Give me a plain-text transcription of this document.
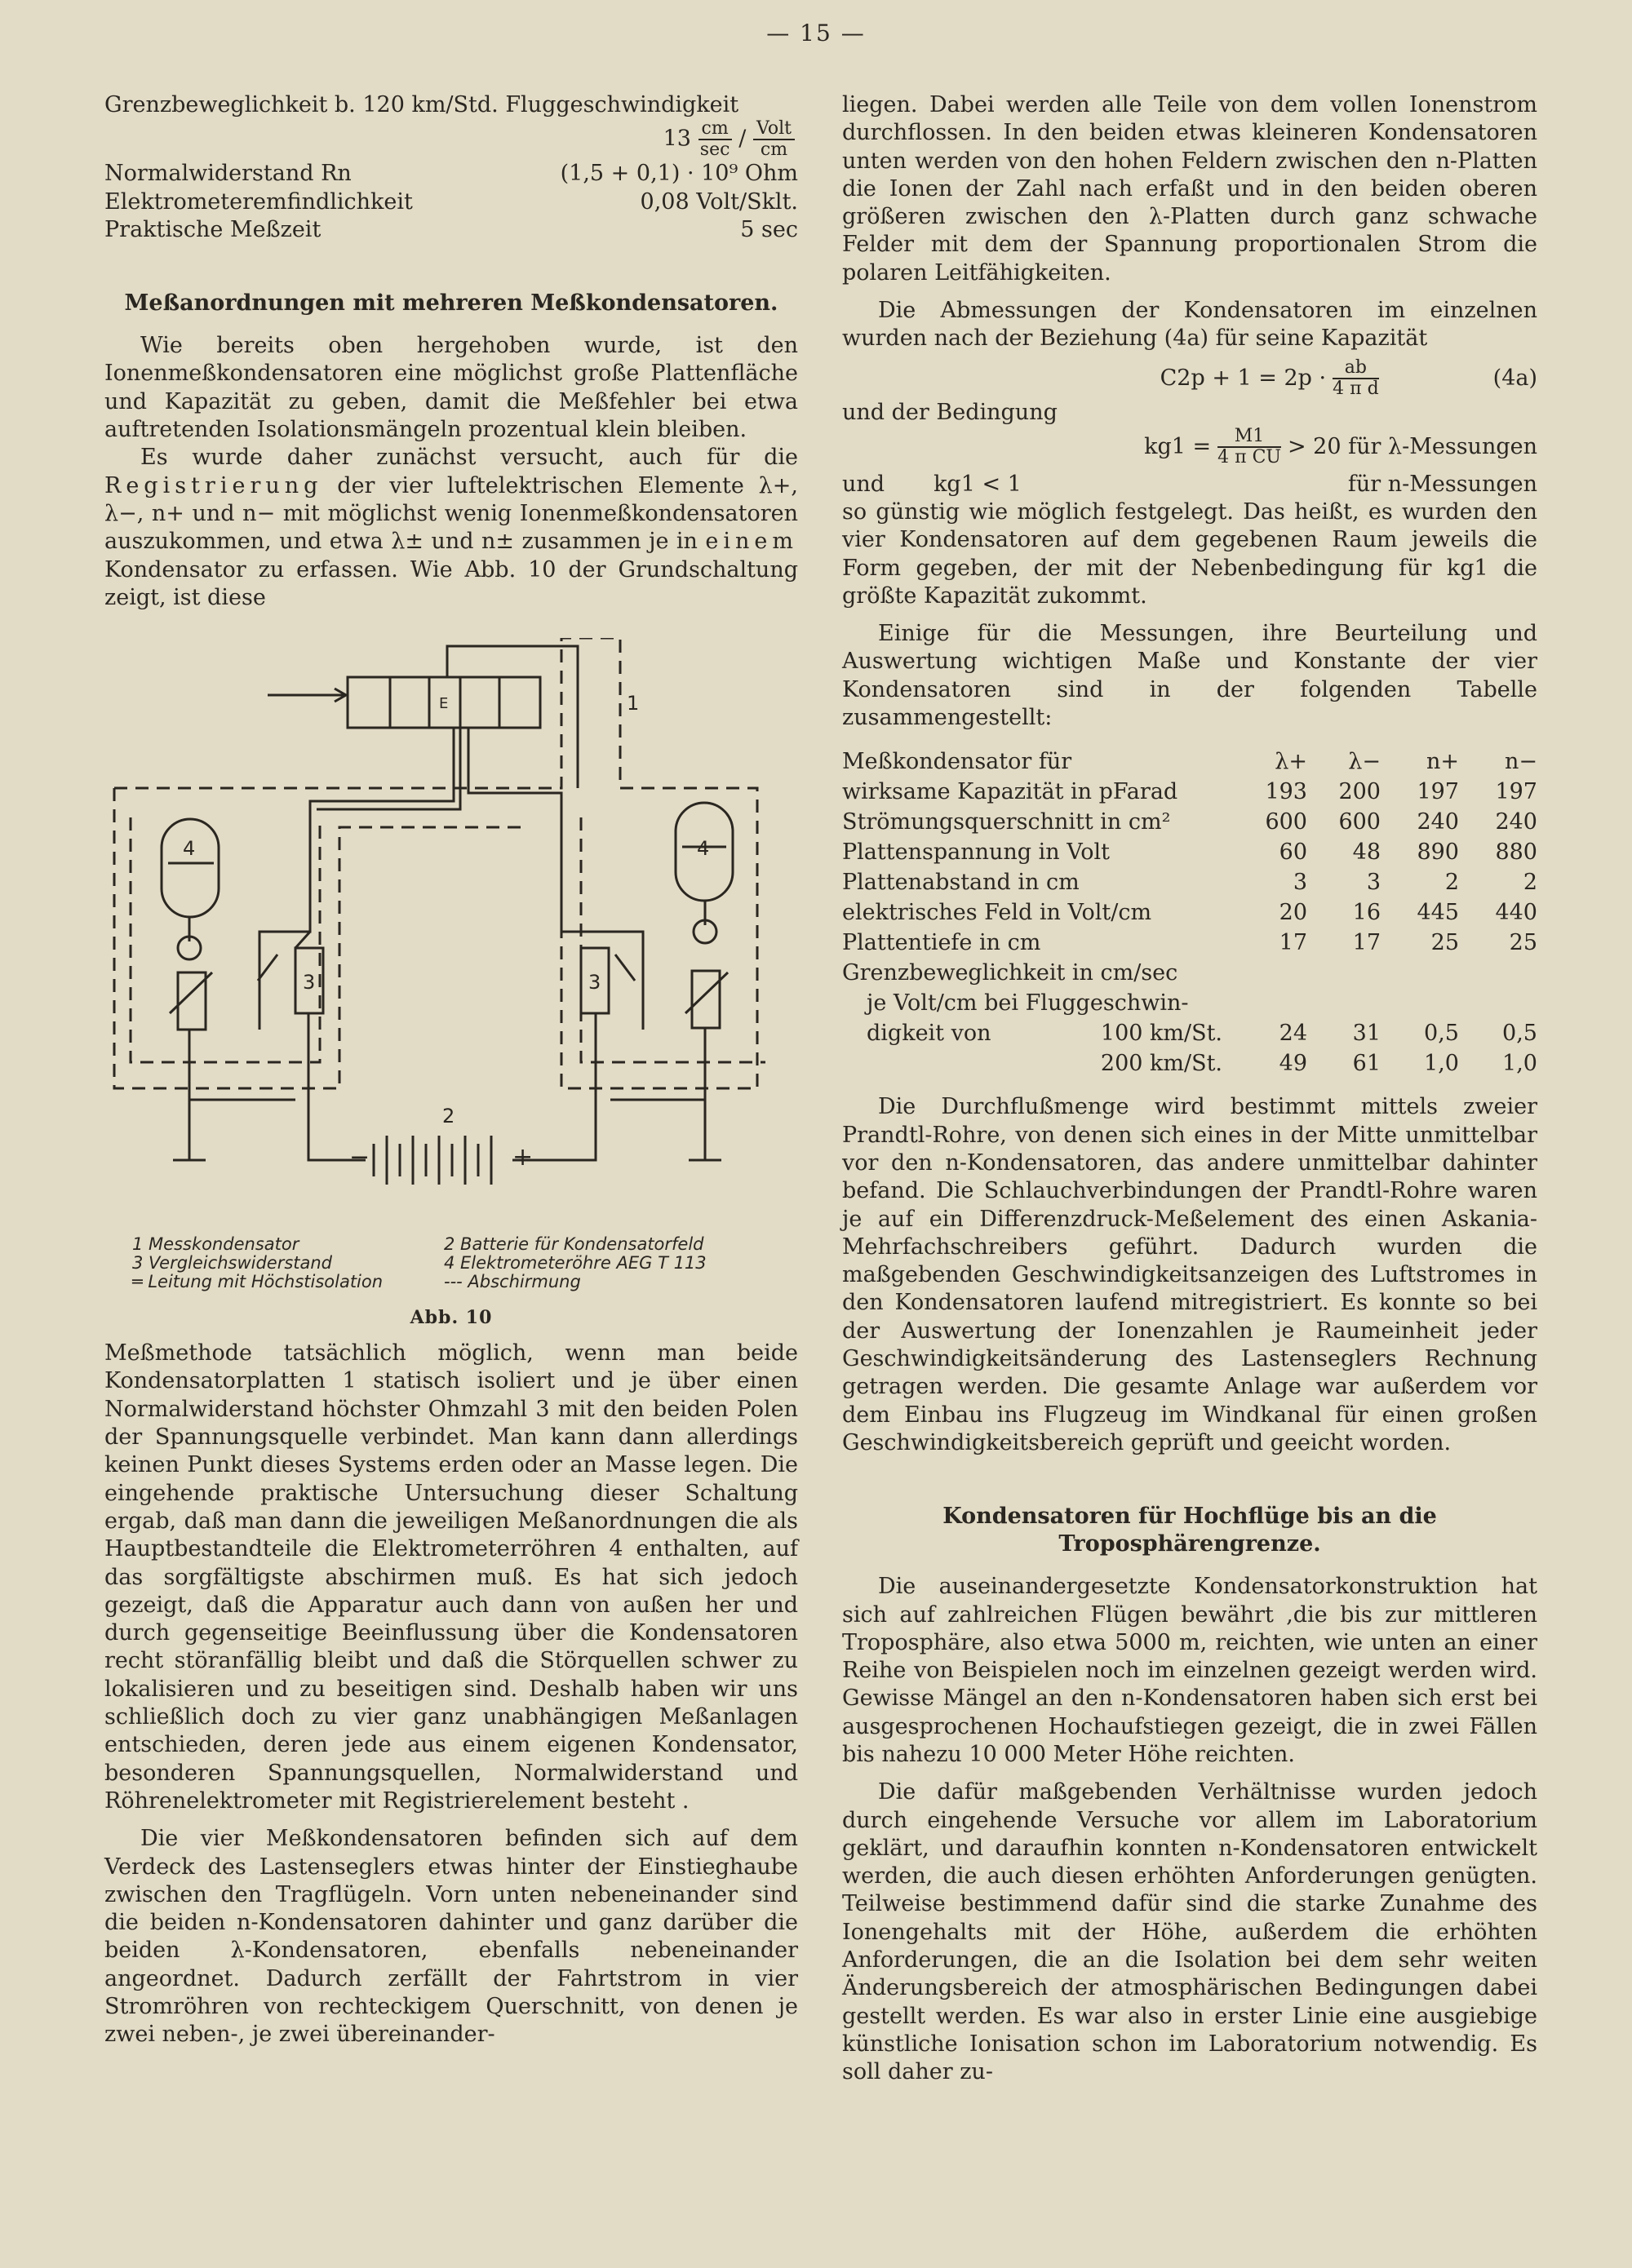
— 15 —
Grenzbeweglichkeit b. 120 km/Std. Fluggeschwindigkeit
$13 \frac{cm}{\sec} / \frac{\text{Volt}}{cm}$
Normalwiderstand Rn	(1,5 + 0,1) · 10⁹ Ohm
Elektrometeremfindlichkeit	0,08 Volt/Sklt.
Praktische Meßzeit	5 sec
Meßanordnungen mit mehreren Meßkondensatoren.

Wie bereits oben hergehoben wurde, ist den Ionenmeßkondensatoren eine möglichst große Plattenfläche und Kapazität zu geben, damit die Meßfehler bei etwa auftretenden Isolationsmängeln prozentual klein bleiben.

Es wurde daher zunächst versucht, auch für die Registrierung der vier luftelektrischen Elemente λ+, λ−, n+ und n− mit möglichst wenig Ionenmeßkondensatoren auszukommen, und etwa λ± und n± zusammen je in einem Kondensator zu erfassen. Wie Abb. 10 der Grundschaltung zeigt, ist diese

1
2
3	3
4	4
E
−	+
1 Messkondensator
3 Vergleichswiderstand
═ Leitung mit Höchstisolation
2 Batterie für Kondensatorfeld
4 Elektrometeröhre AEG T 113
--- Abschirmung
Abb. 10

Meßmethode tatsächlich möglich, wenn man beide Kondensatorplatten 1 statisch isoliert und je über einen Normalwiderstand höchster Ohmzahl 3 mit den beiden Polen der Spannungsquelle verbindet. Man kann dann allerdings keinen Punkt dieses Systems erden oder an Masse legen. Die eingehende praktische Untersuchung dieser Schaltung ergab, daß man dann die jeweiligen Meßanordnungen die als Hauptbestandteile die Elektrometerröhren 4 enthalten, auf das sorgfältigste abschirmen muß. Es hat sich jedoch gezeigt, daß die Apparatur auch dann von außen her und durch gegenseitige Beeinflussung über die Kondensatoren recht störanfällig bleibt und daß die Störquellen schwer zu lokalisieren und zu beseitigen sind. Deshalb haben wir uns schließlich doch zu vier ganz unabhängigen Meßanlagen entschieden, deren jede aus einem eigenen Kondensator, besonderen Spannungsquellen, Normalwiderstand und Röhrenelektrometer mit Registrierelement besteht .

Die vier Meßkondensatoren befinden sich auf dem Verdeck des Lastenseglers etwas hinter der Einstieghaube zwischen den Tragflügeln. Vorn unten nebeneinander sind die beiden n-Kondensatoren dahinter und ganz darüber die beiden λ-Kondensatoren, ebenfalls nebeneinander angeordnet. Dadurch zerfällt der Fahrtstrom in vier Stromröhren von rechteckigem Querschnitt, von denen je zwei neben-, je zwei übereinander-

liegen. Dabei werden alle Teile von dem vollen Ionenstrom durchflossen. In den beiden etwas kleineren Kondensatoren unten werden von den hohen Feldern zwischen den n-Platten die Ionen der Zahl nach erfaßt und in den beiden oberen größeren zwischen den λ-Platten durch ganz schwache Felder mit dem der Spannung proportionalen Strom die polaren Leitfähigkeiten.

Die Abmessungen der Kondensatoren im einzelnen wurden nach der Beziehung (4a) für seine Kapazität

$C2p + 1 = 2p \cdot \frac{ab}{\text{4 π d}}$	(4a)

und der Bedingung

$kg1 = \frac{M1}{\text{4 π CU}} > 20$ für λ-Messungen
und kg1 < 1	für n-Messungen

so günstig wie möglich festgelegt. Das heißt, es wurden den vier Kondensatoren auf dem gegebenen Raum jeweils die Form gegeben, der mit der Nebenbedingung für kg1 die größte Kapazität zukommt.

Einige für die Messungen, ihre Beurteilung und Auswertung wichtigen Maße und Konstante der vier Kondensatoren sind in der folgenden Tabelle zusammengestellt:

Meßkondensator für	λ+	λ−	n+	n−
wirksame Kapazität in pFarad	193	200	197	197
Strömungsquerschnitt in cm²	600	600	240	240
Plattenspannung in Volt	60	48	890	880
Plattenabstand in cm	3	3	2	2
elektrisches Feld in Volt/cm	20	16	445	440
Plattentiefe in cm	17	17	25	25
Grenzbeweglichkeit in cm/sec				
je Volt/cm bei Fluggeschwin-				
digkeit von 100 km/St.	24	31	0,5	0,5
200 km/St.	49	61	1,0	1,0

Die Durchflußmenge wird bestimmt mittels zweier Prandtl-Rohre, von denen sich eines in der Mitte unmittelbar vor den n-Kondensatoren, das andere unmittelbar dahinter befand. Die Schlauchverbindungen der Prandtl-Rohre waren je auf ein Differenzdruck-Meßelement des einen Askania-Mehrfachschreibers geführt. Dadurch wurden die maßgebenden Geschwindigkeitsanzeigen des Luftstromes in den Kondensatoren laufend mitregistriert. Es konnte so bei der Auswertung der Ionenzahlen je Raumeinheit jeder Geschwindigkeitsänderung des Lastenseglers Rechnung getragen werden. Die gesamte Anlage war außerdem vor dem Einbau ins Flugzeug im Windkanal für einen großen Geschwindigkeitsbereich geprüft und geeicht worden.

Kondensatoren für Hochflüge bis an die Troposphärengrenze.

Die auseinandergesetzte Kondensatorkonstruktion hat sich auf zahlreichen Flügen bewährt ,die bis zur mittleren Troposphäre, also etwa 5000 m, reichten, wie unten an einer Reihe von Beispielen noch im einzelnen gezeigt werden wird. Gewisse Mängel an den n-Kondensatoren haben sich erst bei ausgesprochenen Hochaufstiegen gezeigt, die in zwei Fällen bis nahezu 10 000 Meter Höhe reichten.

Die dafür maßgebenden Verhältnisse wurden jedoch durch eingehende Versuche vor allem im Laboratorium geklärt, und daraufhin konnten n-Kondensatoren entwickelt werden, die auch diesen erhöhten Anforderungen genügten. Teilweise bestimmend dafür sind die starke Zunahme des Ionengehalts mit der Höhe, außerdem die erhöhten Anforderungen, die an die Isolation bei dem sehr weiten Änderungsbereich der atmosphärischen Bedingungen dabei gestellt werden. Es war also in erster Linie eine ausgiebige künstliche Ionisation schon im Laboratorium notwendig. Es soll daher zu-
